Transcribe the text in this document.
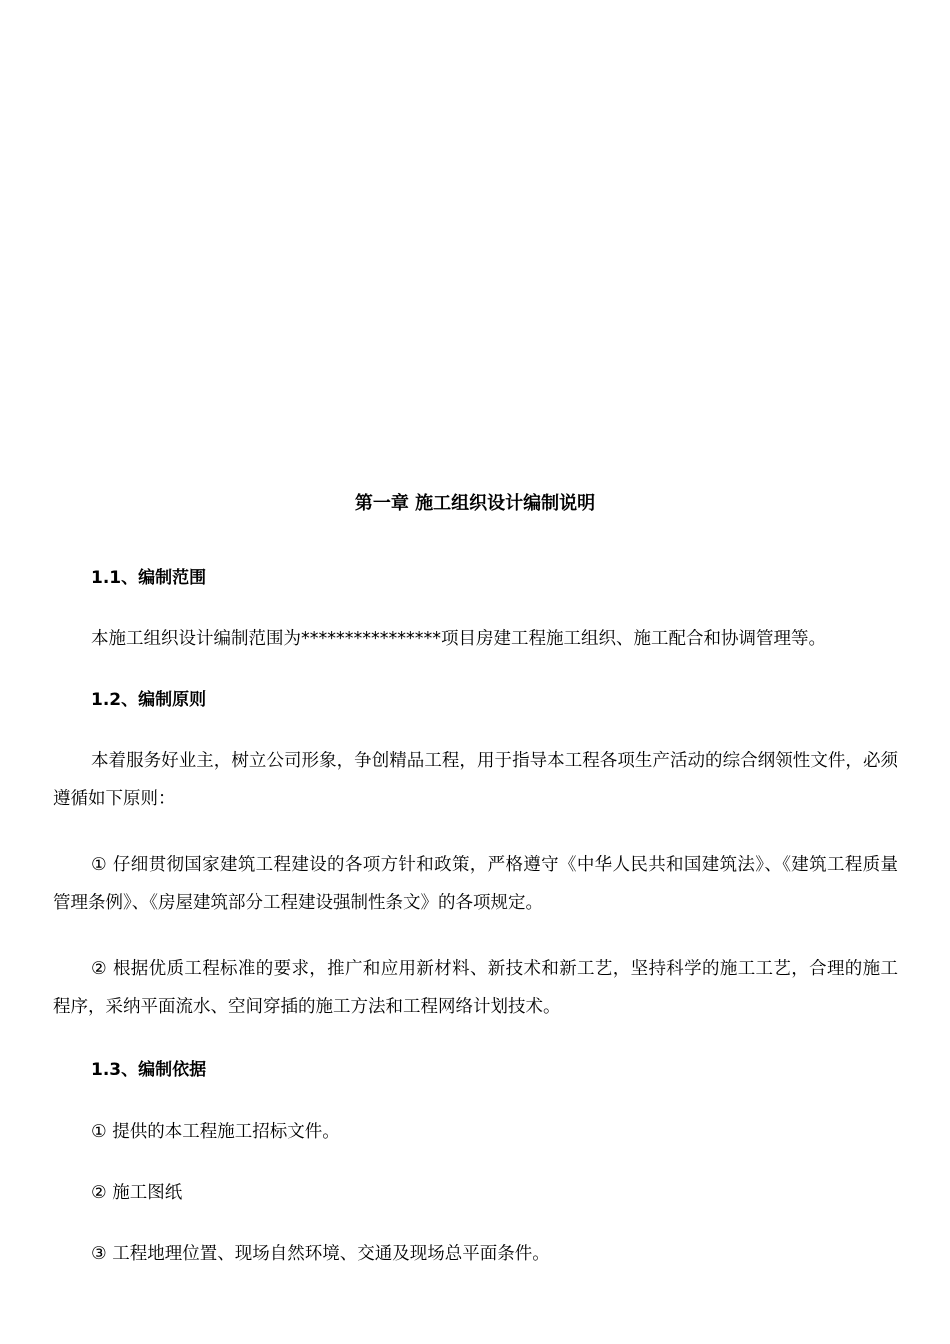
第一章 施工组织设计编制说明
1.1、编制范围

本施工组织设计编制范围为****************项目房建工程施工组织、施工配合和协调管理等。

1.2、编制原则

本着服务好业主，树立公司形象，争创精品工程，用于指导本工程各项生产活动的综合纲领性文件，必须遵循如下原则：

① 仔细贯彻国家建筑工程建设的各项方针和政策，严格遵守《中华人民共和国建筑法》、《建筑工程质量管理条例》、《房屋建筑部分工程建设强制性条文》的各项规定。

② 根据优质工程标准的要求，推广和应用新材料、新技术和新工艺，坚持科学的施工工艺，合理的施工程序，采纳平面流水、空间穿插的施工方法和工程网络计划技术。

1.3、编制依据

① 提供的本工程施工招标文件。

② 施工图纸

③ 工程地理位置、现场自然环境、交通及现场总平面条件。
